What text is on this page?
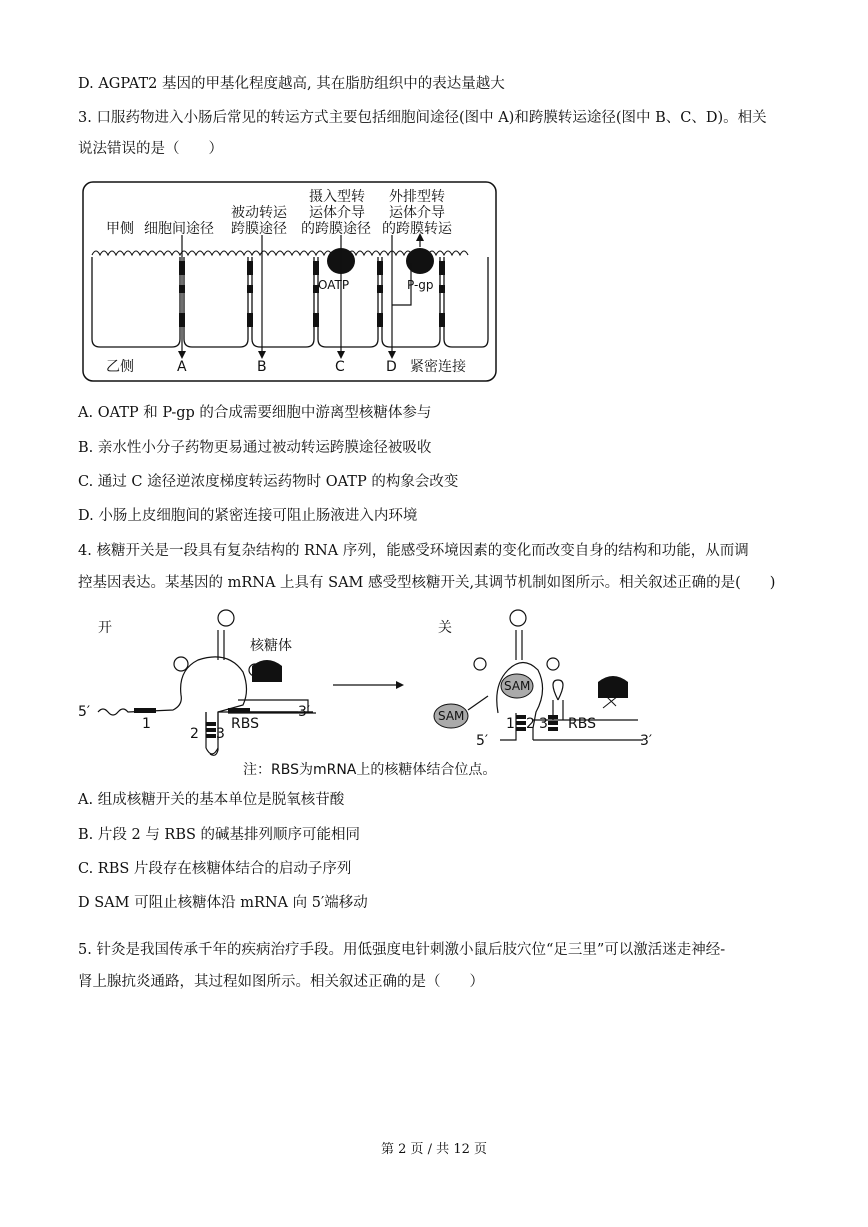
D. AGPAT2 基因的甲基化程度越高, 其在脂肪组织中的表达量越大
3. 口服药物进入小肠后常见的转运方式主要包括细胞间途径(图中 A)和跨膜转运途径(图中 B、C、D)。相关
说法错误的是（　　）
甲侧 细胞间途径
被动转运
跨膜途径
摄入型转
运体介导
的跨膜途径
外排型转
运体介导
的跨膜转运
乙侧	A	B	C	D 紧密连接
OATP	P-gp
A. OATP 和 P-gp 的合成需要细胞中游离型核糖体参与
B. 亲水性小分子药物更易通过被动转运跨膜途径被吸收
C. 通过 C 途径逆浓度梯度转运药物时 OATP 的构象会改变
D. 小肠上皮细胞间的紧密连接可阻止肠液进入内环境
4. 核糖开关是一段具有复杂结构的 RNA 序列，能感受环境因素的变化而改变自身的结构和功能，从而调
控基因表达。某基因的 mRNA 上具有 SAM 感受型核糖开关,其调节机制如图所示。相关叙述正确的是(　　)
开	关
核糖体
5′	3′
1
2 3
RBS
5′	3′
1 2 3 RBS
SAM
SAM
注：RBS为mRNA上的核糖体结合位点。
A. 组成核糖开关的基本单位是脱氧核苷酸
B. 片段 2 与 RBS 的碱基排列顺序可能相同
C. RBS 片段存在核糖体结合的启动子序列
D SAM 可阻止核糖体沿 mRNA 向 5′端移动
5. 针灸是我国传承千年的疾病治疗手段。用低强度电针刺激小鼠后肢穴位“足三里”可以激活迷走神经-
肾上腺抗炎通路，其过程如图所示。相关叙述正确的是（　　）
第 2 页 / 共 12 页
